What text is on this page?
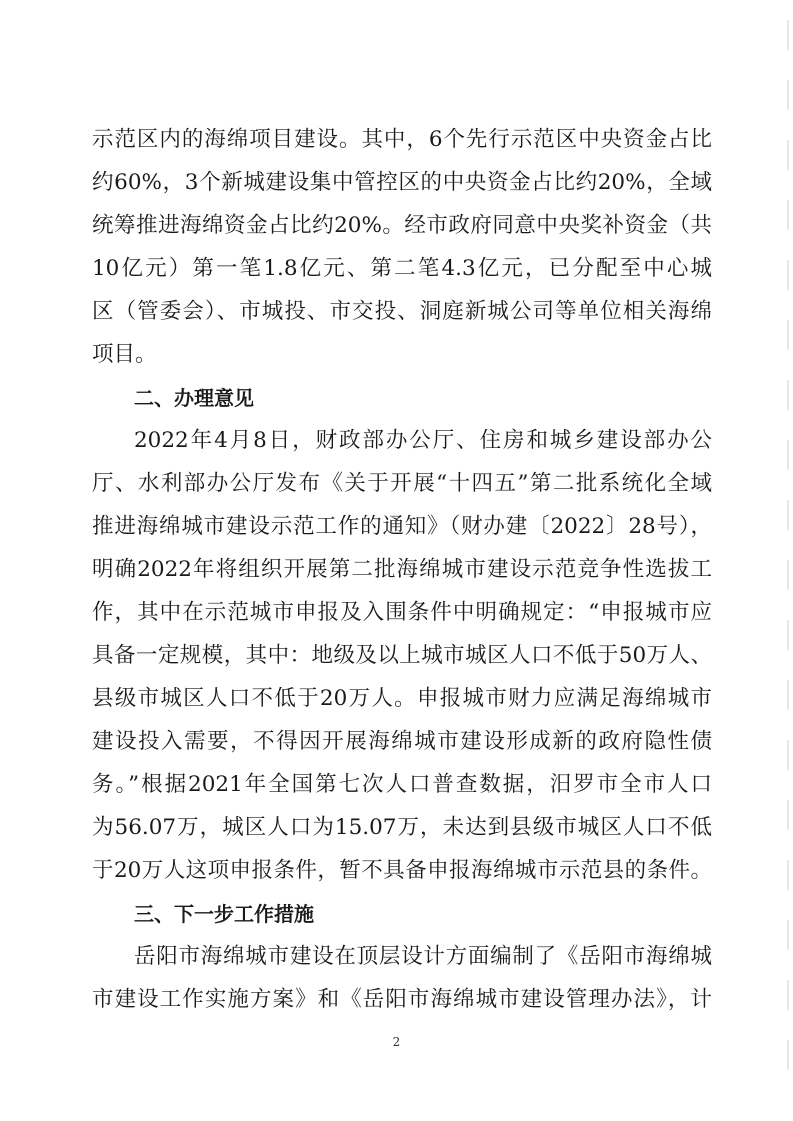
示范区内的海绵项目建设。其中，6个先行示范区中央资金占比
约60%，3个新城建设集中管控区的中央资金占比约20%，全域
统筹推进海绵资金占比约20%。经市政府同意中央奖补资金（共
10亿元）第一笔1.8亿元、第二笔4.3亿元，已分配至中心城
区（管委会）、市城投、市交投、洞庭新城公司等单位相关海绵
项目。
二、办理意见
2022年4月8日，财政部办公厅、住房和城乡建设部办公
厅、水利部办公厅发布《关于开展“十四五”第二批系统化全域
推进海绵城市建设示范工作的通知》（财办建〔2022〕28号），
明确2022年将组织开展第二批海绵城市建设示范竞争性选拔工
作，其中在示范城市申报及入围条件中明确规定：“申报城市应
具备一定规模，其中：地级及以上城市城区人口不低于50万人、
县级市城区人口不低于20万人。申报城市财力应满足海绵城市
建设投入需要，不得因开展海绵城市建设形成新的政府隐性债
务。”根据2021年全国第七次人口普查数据，汨罗市全市人口
为56.07万，城区人口为15.07万，未达到县级市城区人口不低
于20万人这项申报条件，暂不具备申报海绵城市示范县的条件。
三、下一步工作措施
岳阳市海绵城市建设在顶层设计方面编制了《岳阳市海绵城
市建设工作实施方案》和《岳阳市海绵城市建设管理办法》，计
2
